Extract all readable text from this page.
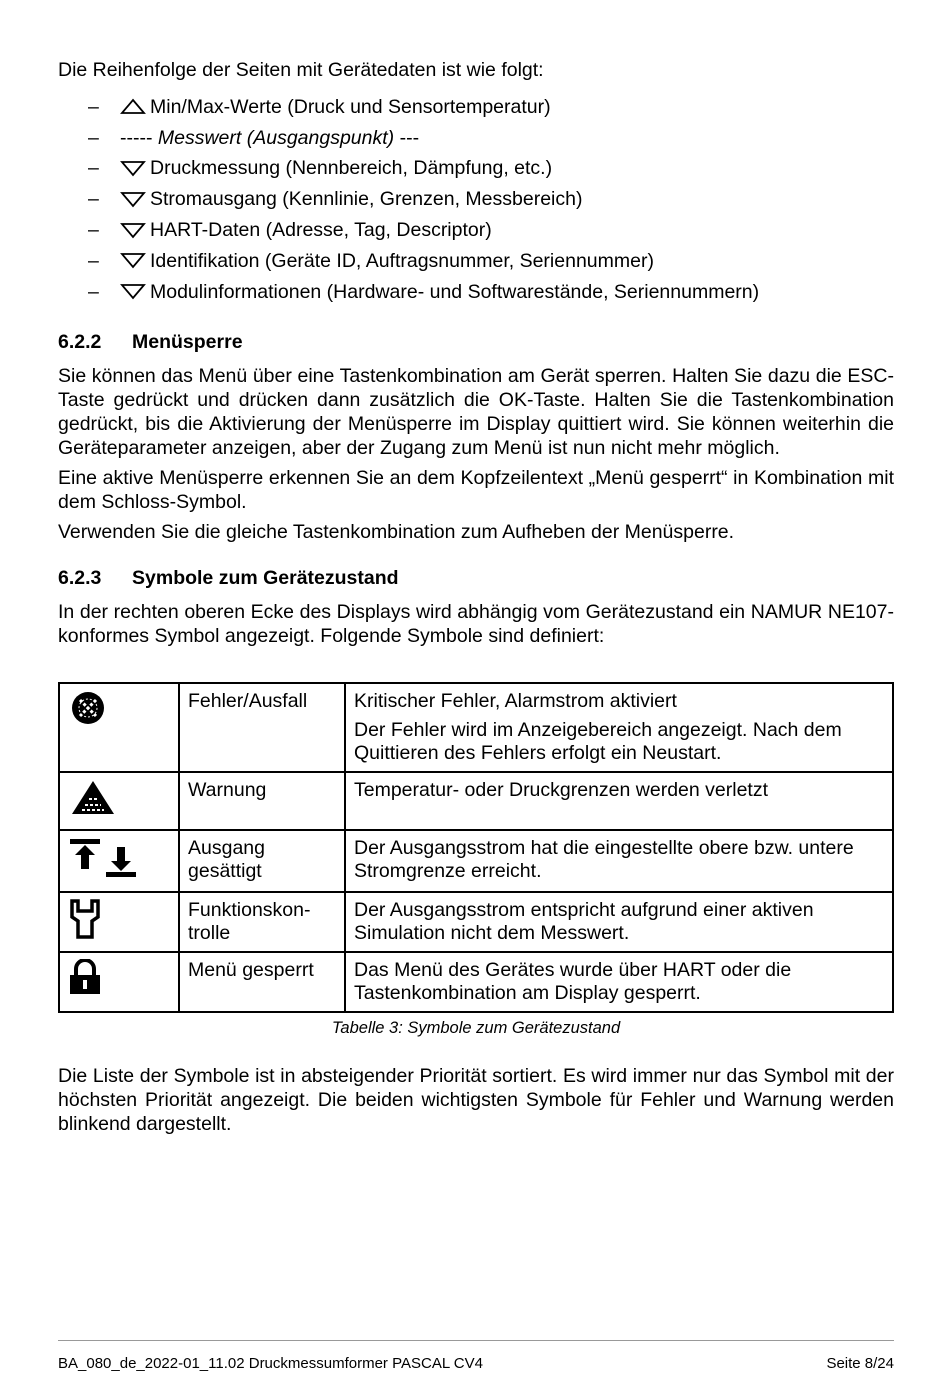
Die Reihenfolge der Seiten mit Gerätedaten ist wie folgt:

–	Min/Max-Werte (Druck und Sensortemperatur)
–	----- Messwert (Ausgangspunkt) ---
–	Druckmessung (Nennbereich, Dämpfung, etc.)
–	Stromausgang (Kennlinie, Grenzen, Messbereich)
–	HART-Daten (Adresse, Tag, Descriptor)
–	Identifikation (Geräte ID, Auftragsnummer, Seriennummer)
–	Modulinformationen (Hardware- und Softwarestände, Seriennummern)
6.2.2	Menüsperre

Sie können das Menü über eine Tastenkombination am Gerät sperren. Halten Sie dazu die ESC-Taste gedrückt und drücken dann zusätzlich die OK-Taste. Halten Sie die Tastenkombination gedrückt, bis die Aktivierung der Menüsperre im Display quittiert wird. Sie können weiterhin die Geräteparameter anzeigen, aber der Zugang zum Menü ist nun nicht mehr möglich.

Eine aktive Menüsperre erkennen Sie an dem Kopfzeilentext „Menü gesperrt“ in Kombination mit dem Schloss-Symbol.

Verwenden Sie die gleiche Tastenkombination zum Aufheben der Menüsperre.

6.2.3	Symbole zum Gerätezustand

In der rechten oberen Ecke des Displays wird abhängig vom Gerätezustand ein NAMUR NE107-konformes Symbol angezeigt. Folgende Symbole sind definiert:

	Fehler/Ausfall	Kritischer Fehler, Alarmstrom aktiviert
Der Fehler wird im Anzeigebereich angezeigt. Nach dem Quittieren des Fehlers erfolgt ein Neustart.

	Warnung	Temperatur- oder Druckgrenzen werden verletzt

	Ausgang gesättigt	Der Ausgangsstrom hat die eingestellte obere bzw. untere Stromgrenze erreicht.

	Funktionskon-trolle	Der Ausgangsstrom entspricht aufgrund einer aktiven Simulation nicht dem Messwert.

	Menü gesperrt	Das Menü des Gerätes wurde über HART oder die Tastenkombination am Display gesperrt.
Tabelle 3: Symbole zum Gerätezustand

Die Liste der Symbole ist in absteigender Priorität sortiert. Es wird immer nur das Symbol mit der höchsten Priorität angezeigt. Die beiden wichtigsten Symbole für Fehler und Warnung werden blinkend dargestellt.

BA_080_de_2022-01_11.02 Druckmessumformer PASCAL CV4	Seite 8/24
